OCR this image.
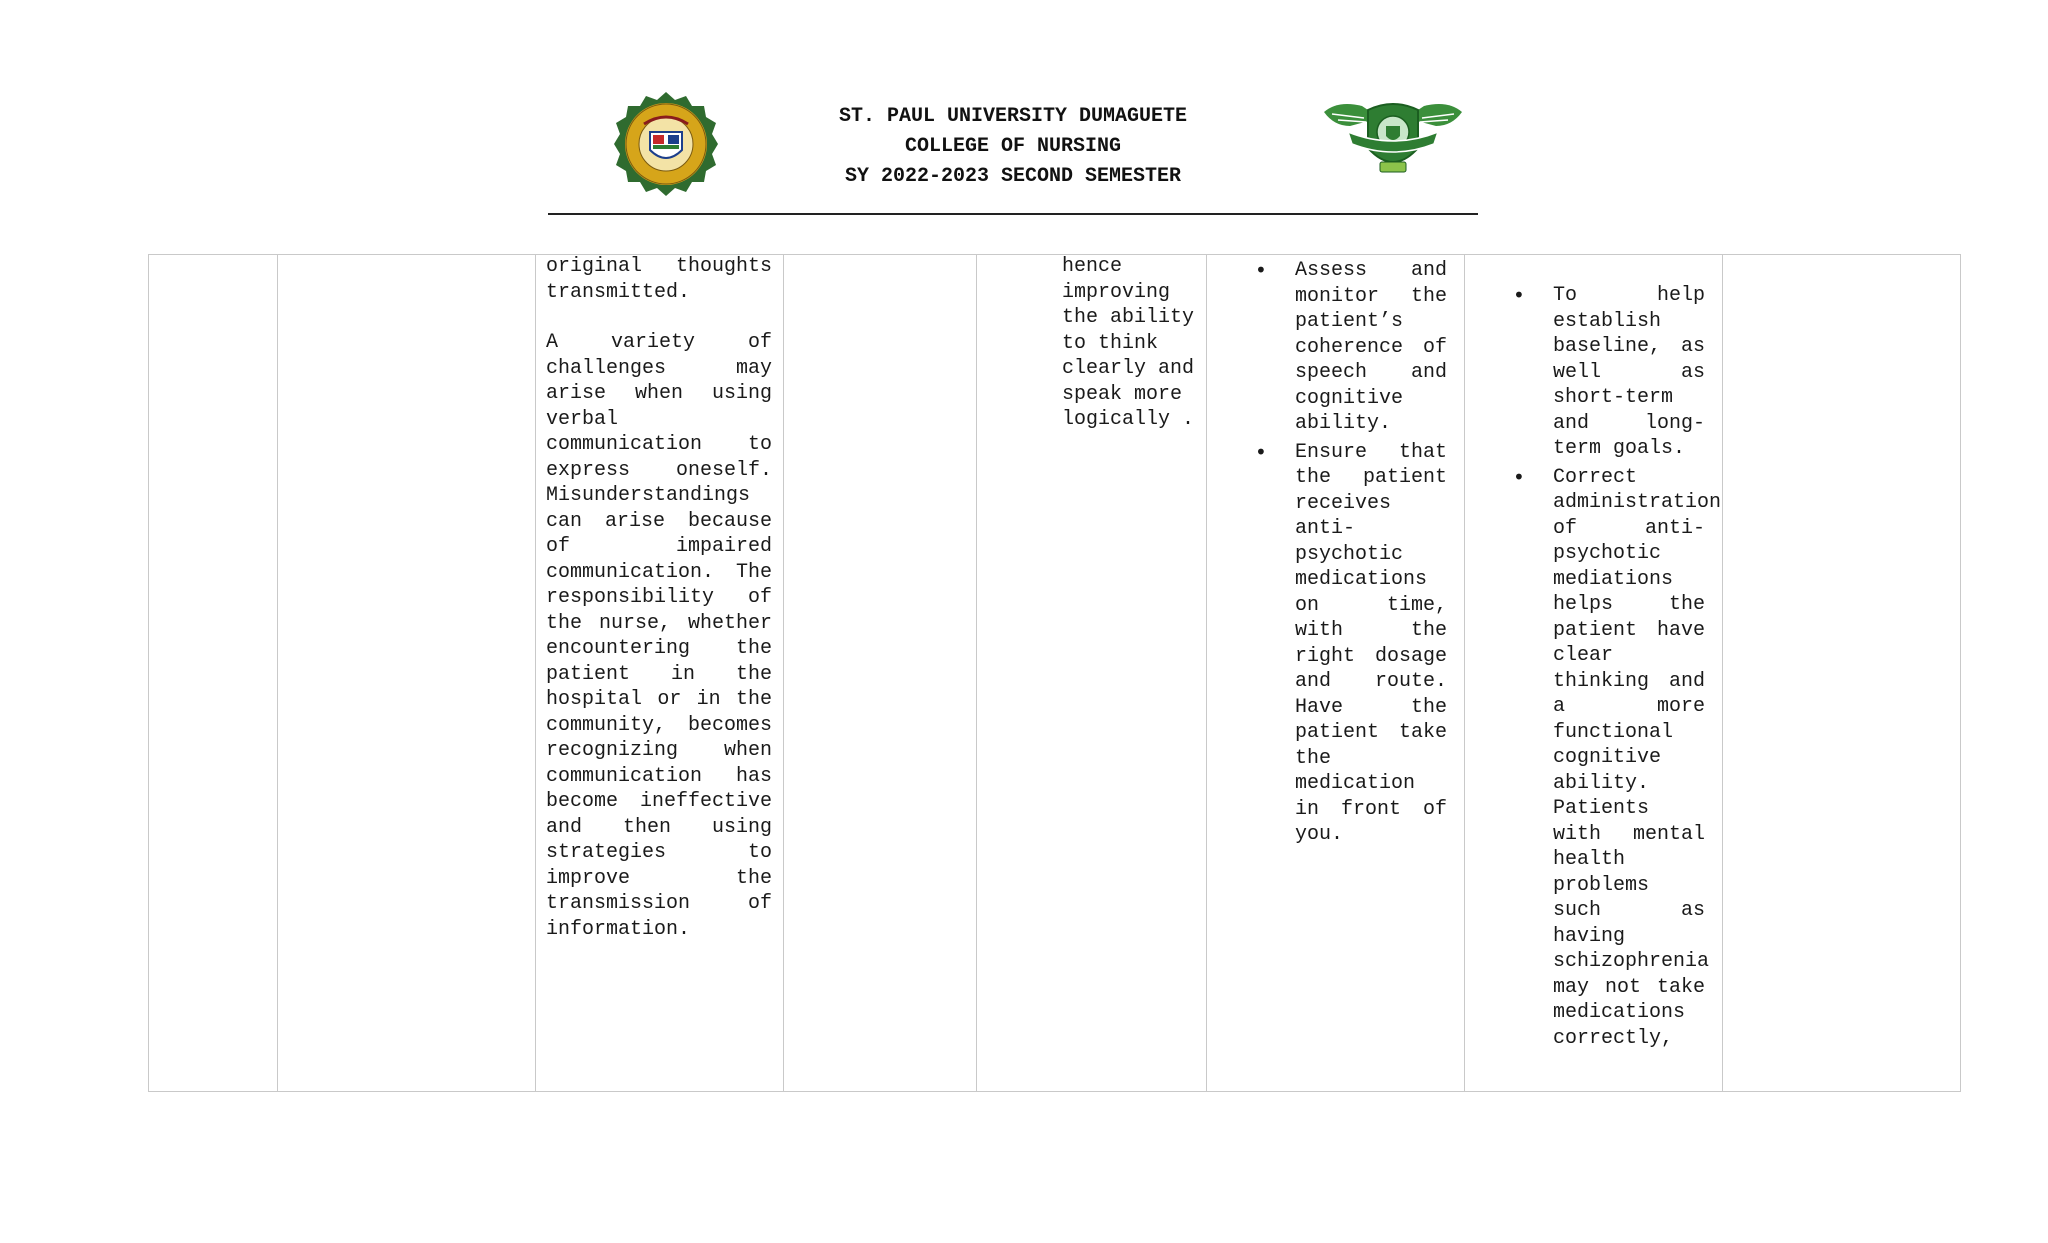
ST. PAUL UNIVERSITY DUMAGUETE
COLLEGE OF NURSING
SY 2022-2023 SECOND SEMESTER

original thoughts transmitted.

A variety of challenges may arise when using verbal communication to express oneself. Misunderstandings can arise because of impaired communication. The responsibility of the nurse, whether encountering the patient in the hospital or in the community, becomes recognizing when communication has become ineffective and then using strategies to improve the transmission of information.

hence improving the ability to think clearly and speak more logically .

• Assess and monitor the patient’s coherence of speech and cognitive ability.
• Ensure that the patient receives anti-psychotic medications on time, with the right dosage and route. Have the patient take the medication in front of you.
• To help establish baseline, as well as short-term and long-term goals.
• Correct administration of anti-psychotic mediations helps the patient have clear thinking and a more functional cognitive ability. Patients with mental health problems such as having schizophrenia may not take medications correctly,
